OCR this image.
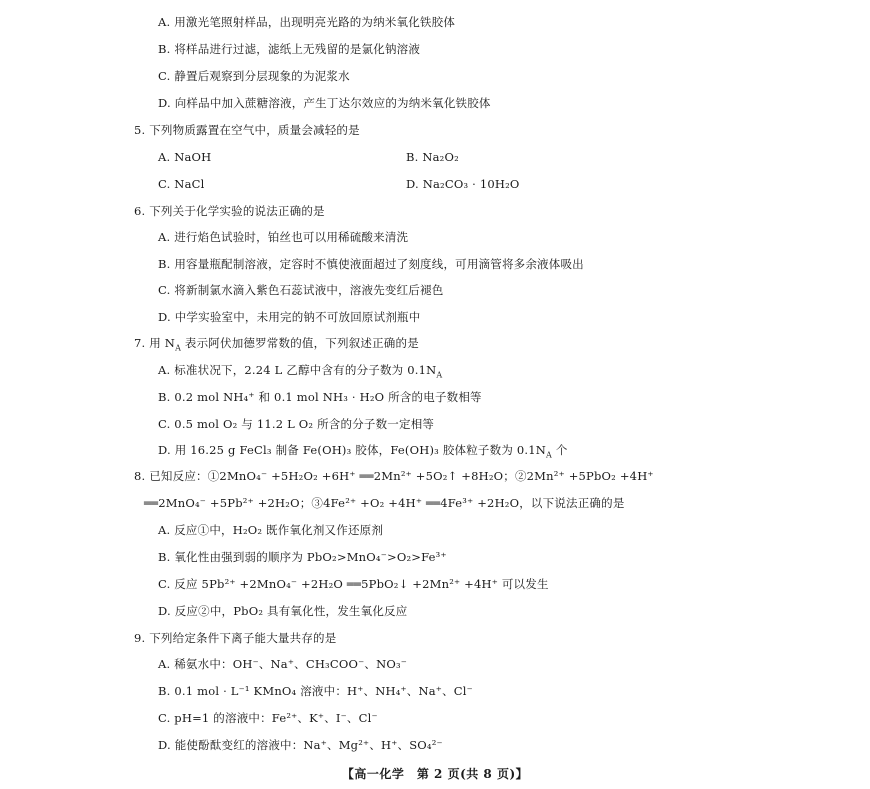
A. 用激光笔照射样品，出现明亮光路的为纳米氧化铁胶体
B. 将样品进行过滤，滤纸上无残留的是氯化钠溶液
C. 静置后观察到分层现象的为泥浆水
D. 向样品中加入蔗糖溶液，产生丁达尔效应的为纳米氧化铁胶体
5. 下列物质露置在空气中，质量会减轻的是
A. NaOH	B. Na₂O₂
C. NaCl	D. Na₂CO₃ · 10H₂O
6. 下列关于化学实验的说法正确的是
A. 进行焰色试验时，铂丝也可以用稀硫酸来清洗
B. 用容量瓶配制溶液，定容时不慎使液面超过了刻度线，可用滴管将多余液体吸出
C. 将新制氯水滴入紫色石蕊试液中，溶液先变红后褪色
D. 中学实验室中，未用完的钠不可放回原试剂瓶中
7. 用 $N_A$ 表示阿伏加德罗常数的值，下列叙述正确的是
A. 标准状况下，2.24 L 乙醇中含有的分子数为 $0.1N_A$
B. 0.2 mol NH₄⁺ 和 0.1 mol NH₃ · H₂O 所含的电子数相等
C. 0.5 mol O₂ 与 11.2 L O₂ 所含的分子数一定相等
D. 用 16.25 g FeCl₃ 制备 Fe(OH)₃ 胶体，Fe(OH)₃ 胶体粒子数为 $0.1N_A$ 个
8. 已知反应：①2MnO₄⁻ +5H₂O₂ +6H⁺ ══2Mn²⁺ +5O₂↑ +8H₂O；②2Mn²⁺ +5PbO₂ +4H⁺
══2MnO₄⁻ +5Pb²⁺ +2H₂O；③4Fe²⁺ +O₂ +4H⁺ ══4Fe³⁺ +2H₂O，以下说法正确的是
A. 反应①中，H₂O₂ 既作氧化剂又作还原剂
B. 氧化性由强到弱的顺序为 PbO₂>MnO₄⁻>O₂>Fe³⁺
C. 反应 5Pb²⁺ +2MnO₄⁻ +2H₂O ══5PbO₂↓ +2Mn²⁺ +4H⁺ 可以发生
D. 反应②中，PbO₂ 具有氧化性，发生氧化反应
9. 下列给定条件下离子能大量共存的是
A. 稀氨水中：OH⁻、Na⁺、CH₃COO⁻、NO₃⁻
B. 0.1 mol · L⁻¹ KMnO₄ 溶液中：H⁺、NH₄⁺、Na⁺、Cl⁻
C. pH=1 的溶液中：Fe²⁺、K⁺、I⁻、Cl⁻
D. 能使酚酞变红的溶液中：Na⁺、Mg²⁺、H⁺、SO₄²⁻
【高一化学　第 2 页(共 8 页)】
